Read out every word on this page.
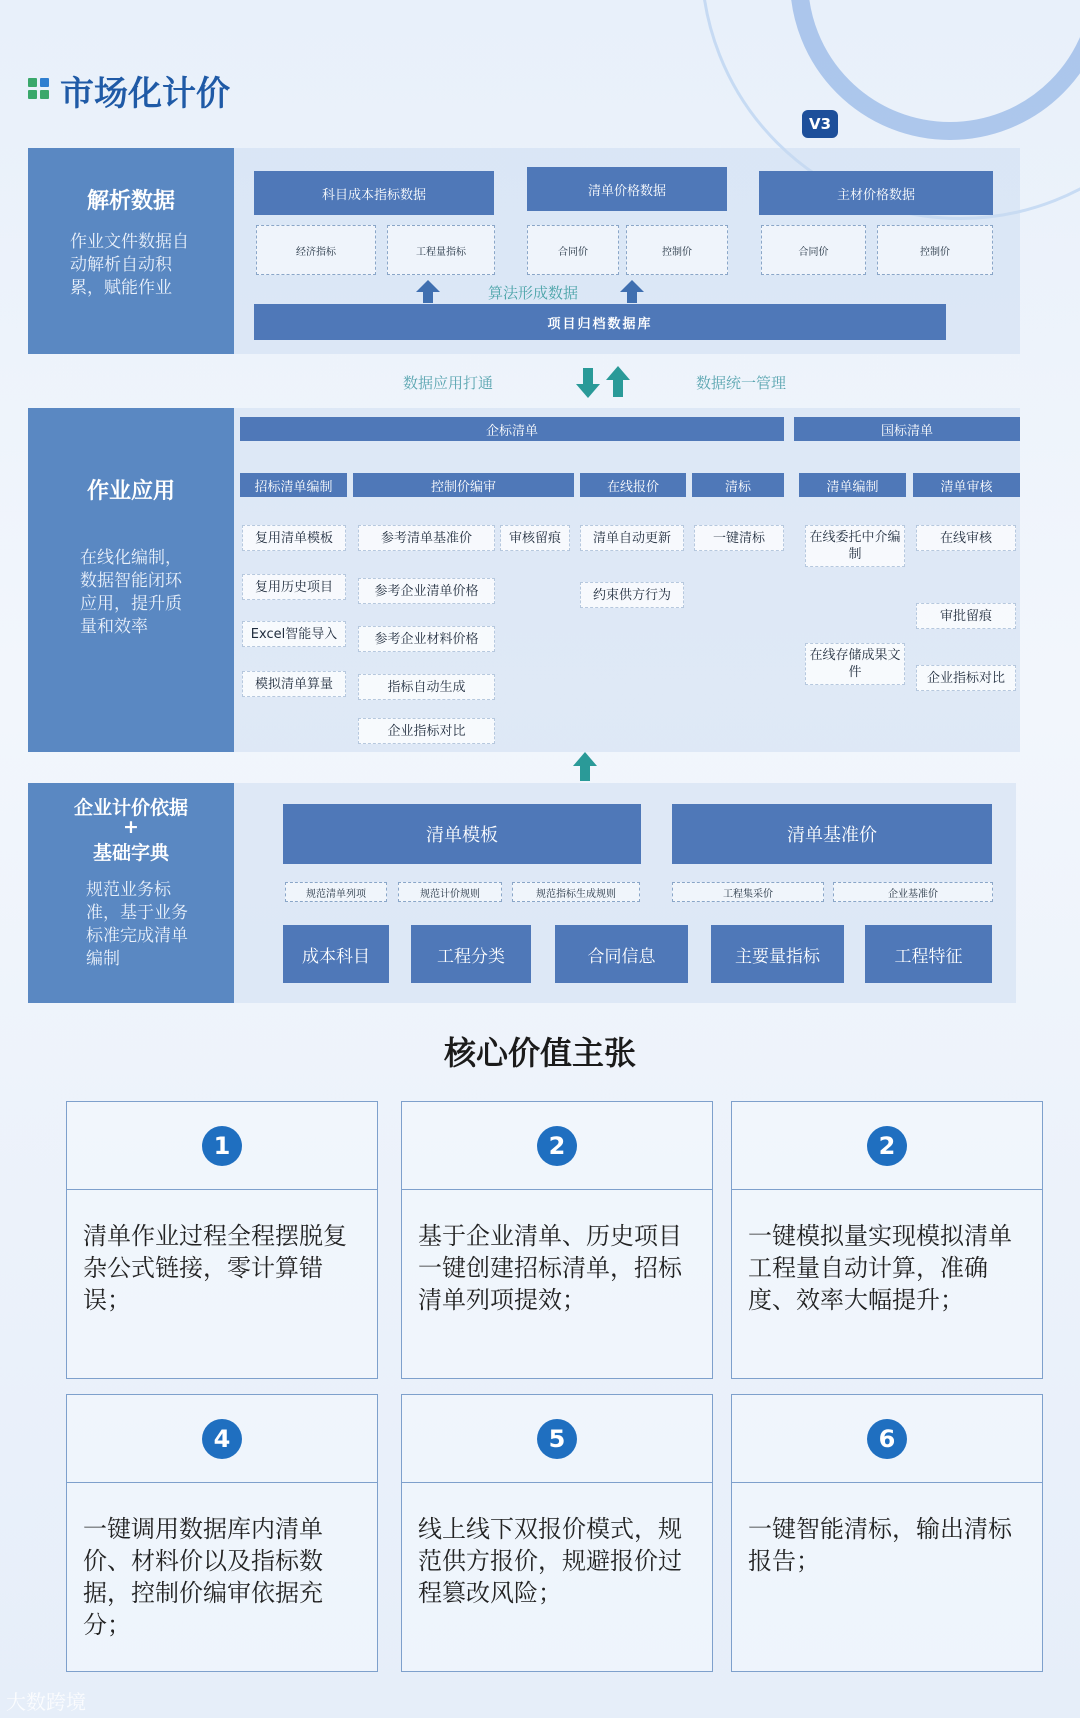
市场化计价
V3
解析数据
作业文件数据自动解析自动积累，赋能作业
科目成本指标数据	清单价格数据	主材价格数据
经济指标	工程量指标	合同价	控制价	合同价	控制价
算法形成数据
项目归档数据库
数据应用打通	数据统一管理
作业应用
在线化编制，数据智能闭环应用，提升质量和效率
企标清单	国标清单
招标清单编制	控制价编审	在线报价	清标	清单编制	清单审核
复用清单模板
复用历史项目
Excel智能导入
模拟清单算量
参考清单基准价	审核留痕
参考企业清单价格
参考企业材料价格
指标自动生成
企业指标对比
清单自动更新
约束供方行为
一键清标	在线委托中介编制
在线存储成果文件
在线审核
审批留痕
企业指标对比
企业计价依据
+
基础字典
规范业务标准，基于业务标准完成清单编制
清单模板	清单基准价
规范清单列项	规范计价规则	规范指标生成规则	工程集采价	企业基准价
成本科目	工程分类	合同信息	主要量指标	工程特征
核心价值主张
1
清单作业过程全程摆脱复杂公式链接，零计算错误；
2
基于企业清单、历史项目一键创建招标清单，招标清单列项提效；
2
一键模拟量实现模拟清单工程量自动计算，准确度、效率大幅提升；
4
一键调用数据库内清单价、材料价以及指标数据，控制价编审依据充分；
5
线上线下双报价模式，规范供方报价，规避报价过程篡改风险；
6
一键智能清标，输出清标报告；
大数跨境
